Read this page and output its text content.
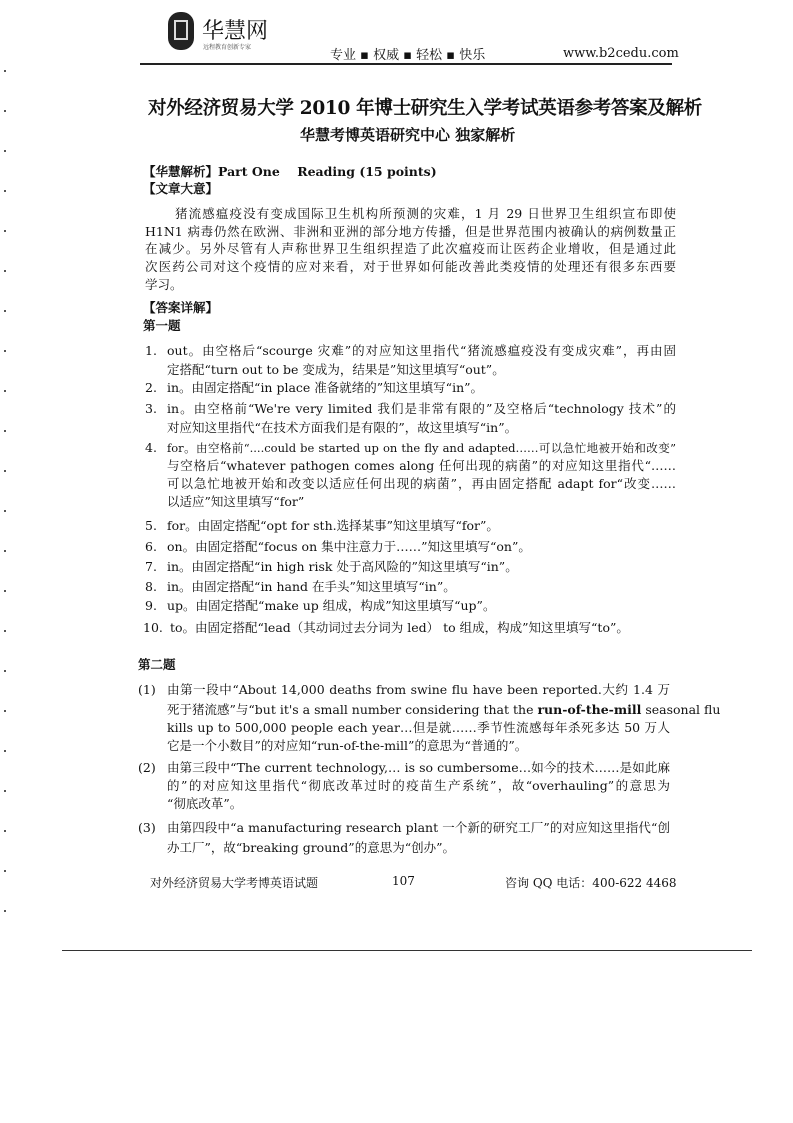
华慧网
远程教育创新专家
专业 ▪ 权威 ▪ 轻松 ▪ 快乐	www.b2cedu.com
对外经济贸易大学 2010 年博士研究生入学考试英语参考答案及解析
华慧考博英语研究中心 独家解析
【华慧解析】Part One    Reading (15 points)
【文章大意】
猪流感瘟疫没有变成国际卫生机构所预测的灾难，1 月 29 日世界卫生组织宣布即使
H1N1 病毒仍然在欧洲、非洲和亚洲的部分地方传播，但是世界范围内被确认的病例数量正
在减少。另外尽管有人声称世界卫生组织捏造了此次瘟疫而让医药企业增收，但是通过此
次医药公司对这个疫情的应对来看，对于世界如何能改善此类疫情的处理还有很多东西要
学习。
【答案详解】
第一题
1. out。由空格后“scourge 灾难”的对应知这里指代“猪流感瘟疫没有变成灾难”，再由固
定搭配“turn out to be 变成为，结果是”知这里填写“out”。
2. in。由固定搭配“in place 准备就绪的”知这里填写“in”。
3. in。由空格前“We're very limited 我们是非常有限的”及空格后“technology 技术”的
对应知这里指代“在技术方面我们是有限的”，故这里填写“in”。
4. for。由空格前“....could be started up on the fly and adapted……可以急忙地被开始和改变”
与空格后“whatever pathogen comes along 任何出现的病菌”的对应知这里指代“……
可以急忙地被开始和改变以适应任何出现的病菌”，再由固定搭配 adapt for“改变……
以适应”知这里填写“for”
5. for。由固定搭配“opt for sth.选择某事”知这里填写“for”。
6. on。由固定搭配“focus on 集中注意力于……”知这里填写“on”。
7. in。由固定搭配“in high risk 处于高风险的”知这里填写“in”。
8. in。由固定搭配“in hand 在手头”知这里填写“in”。
9. up。由固定搭配“make up 组成，构成”知这里填写“up”。
10. to。由固定搭配“lead（其动词过去分词为 led） to 组成，构成”知这里填写“to”。
第二题
(1) 由第一段中“About 14,000 deaths from swine flu have been reported.大约 1.4 万
死于猪流感”与“but it's a small number considering that the run-of-the-mill seasonal flu
kills up to 500,000 people each year…但是就……季节性流感每年杀死多达 50 万人
它是一个小数目”的对应知“run-of-the-mill”的意思为“普通的”。
(2) 由第三段中“The current technology,… is so cumbersome…如今的技术……是如此麻
的”的对应知这里指代“彻底改革过时的疫苗生产系统”，故“overhauling”的意思为
“彻底改革”。
(3) 由第四段中“a manufacturing research plant 一个新的研究工厂”的对应知这里指代“创
办工厂”，故“breaking ground”的意思为“创办”。
对外经济贸易大学考博英语试题	107	咨询 QQ 电话：400-622 4468
